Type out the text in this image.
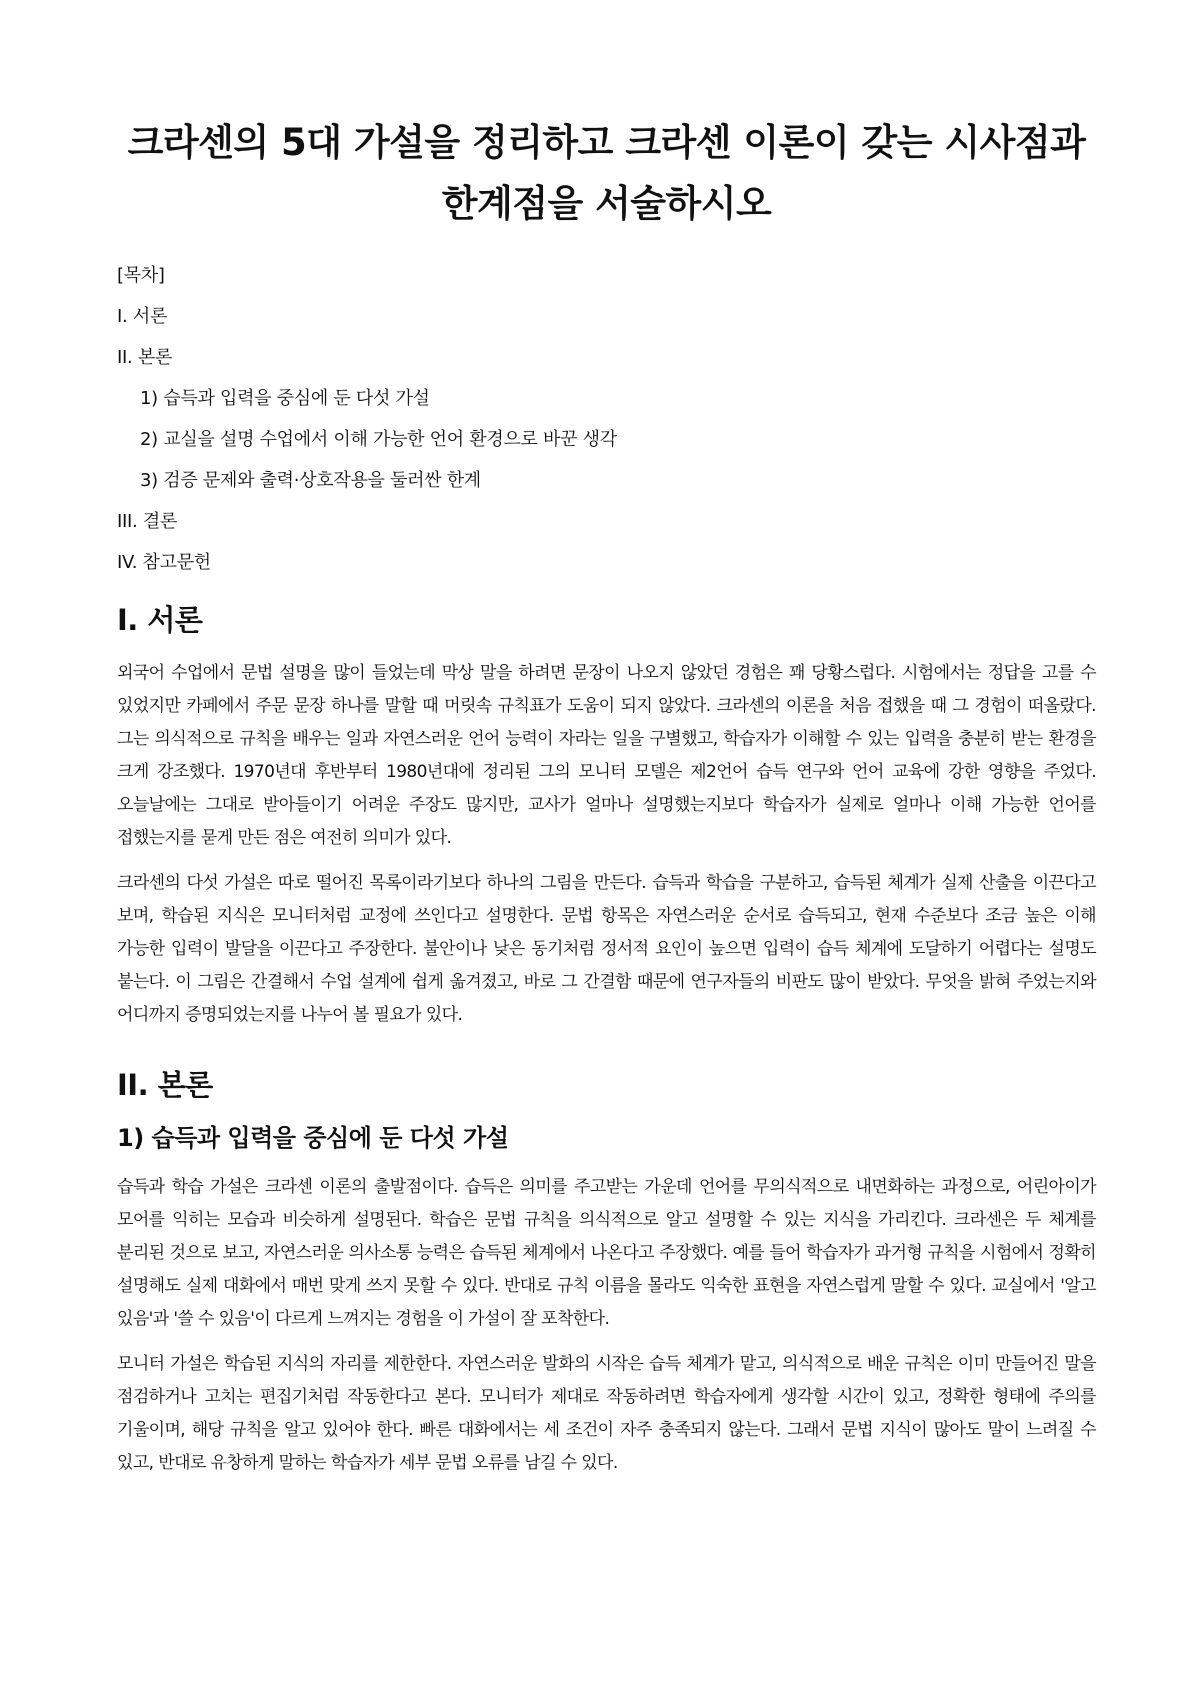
크라센의 5대 가설을 정리하고 크라센 이론이 갖는 시사점과 한계점을 서술하시오
[목차]
I. 서론
II. 본론
1) 습득과 입력을 중심에 둔 다섯 가설
2) 교실을 설명 수업에서 이해 가능한 언어 환경으로 바꾼 생각
3) 검증 문제와 출력·상호작용을 둘러싼 한계
III. 결론
IV. 참고문헌
I. 서론

외국어 수업에서 문법 설명을 많이 들었는데 막상 말을 하려면 문장이 나오지 않았던 경험은 꽤 당황스럽다. 시험에서는 정답을 고를 수 있었지만 카페에서 주문 문장 하나를 말할 때 머릿속 규칙표가 도움이 되지 않았다. 크라센의 이론을 처음 접했을 때 그 경험이 떠올랐다. 그는 의식적으로 규칙을 배우는 일과 자연스러운 언어 능력이 자라는 일을 구별했고, 학습자가 이해할 수 있는 입력을 충분히 받는 환경을 크게 강조했다. 1970년대 후반부터 1980년대에 정리된 그의 모니터 모델은 제2언어 습득 연구와 언어 교육에 강한 영향을 주었다. 오늘날에는 그대로 받아들이기 어려운 주장도 많지만, 교사가 얼마나 설명했는지보다 학습자가 실제로 얼마나 이해 가능한 언어를 접했는지를 묻게 만든 점은 여전히 의미가 있다.

크라센의 다섯 가설은 따로 떨어진 목록이라기보다 하나의 그림을 만든다. 습득과 학습을 구분하고, 습득된 체계가 실제 산출을 이끈다고 보며, 학습된 지식은 모니터처럼 교정에 쓰인다고 설명한다. 문법 항목은 자연스러운 순서로 습득되고, 현재 수준보다 조금 높은 이해 가능한 입력이 발달을 이끈다고 주장한다. 불안이나 낮은 동기처럼 정서적 요인이 높으면 입력이 습득 체계에 도달하기 어렵다는 설명도 붙는다. 이 그림은 간결해서 수업 설계에 쉽게 옮겨졌고, 바로 그 간결함 때문에 연구자들의 비판도 많이 받았다. 무엇을 밝혀 주었는지와 어디까지 증명되었는지를 나누어 볼 필요가 있다.

II. 본론
1) 습득과 입력을 중심에 둔 다섯 가설

습득과 학습 가설은 크라센 이론의 출발점이다. 습득은 의미를 주고받는 가운데 언어를 무의식적으로 내면화하는 과정으로, 어린아이가 모어를 익히는 모습과 비슷하게 설명된다. 학습은 문법 규칙을 의식적으로 알고 설명할 수 있는 지식을 가리킨다. 크라센은 두 체계를 분리된 것으로 보고, 자연스러운 의사소통 능력은 습득된 체계에서 나온다고 주장했다. 예를 들어 학습자가 과거형 규칙을 시험에서 정확히 설명해도 실제 대화에서 매번 맞게 쓰지 못할 수 있다. 반대로 규칙 이름을 몰라도 익숙한 표현을 자연스럽게 말할 수 있다. 교실에서 '알고 있음'과 '쓸 수 있음'이 다르게 느껴지는 경험을 이 가설이 잘 포착한다.

모니터 가설은 학습된 지식의 자리를 제한한다. 자연스러운 발화의 시작은 습득 체계가 맡고, 의식적으로 배운 규칙은 이미 만들어진 말을 점검하거나 고치는 편집기처럼 작동한다고 본다. 모니터가 제대로 작동하려면 학습자에게 생각할 시간이 있고, 정확한 형태에 주의를 기울이며, 해당 규칙을 알고 있어야 한다. 빠른 대화에서는 세 조건이 자주 충족되지 않는다. 그래서 문법 지식이 많아도 말이 느려질 수 있고, 반대로 유창하게 말하는 학습자가 세부 문법 오류를 남길 수 있다.
